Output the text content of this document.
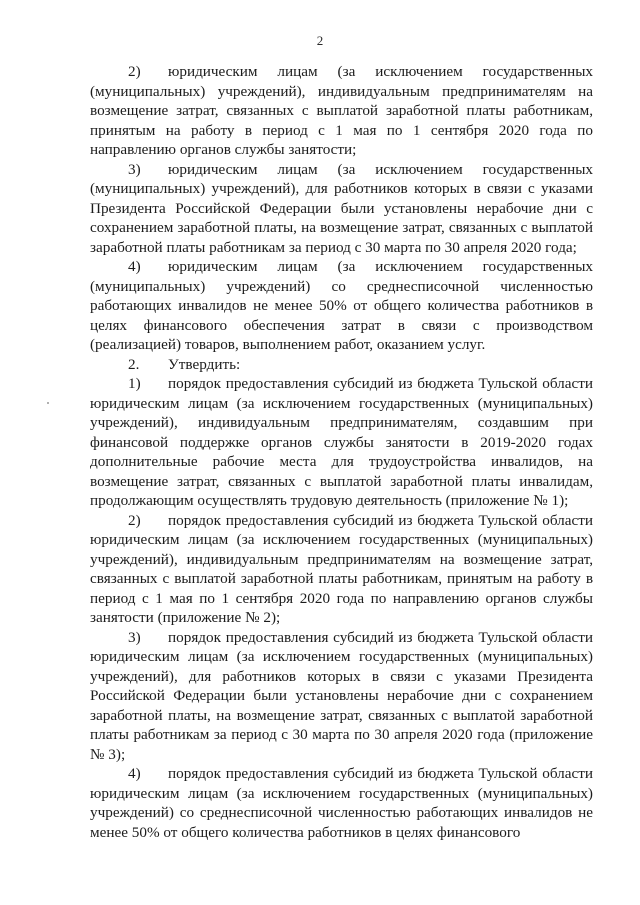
2

2) юридическим лицам (за исключением государственных (муниципальных) учреждений), индивидуальным предпринимателям на возмещение затрат, связанных с выплатой заработной платы работникам, принятым на работу в период с 1 мая по 1 сентября 2020 года по направлению органов службы занятости;

3) юридическим лицам (за исключением государственных (муниципальных) учреждений), для работников которых в связи с указами Президента Российской Федерации были установлены нерабочие дни с сохранением заработной платы, на возмещение затрат, связанных с выплатой заработной платы работникам за период с 30 марта по 30 апреля 2020 года;

4) юридическим лицам (за исключением государственных (муниципальных) учреждений) со среднесписочной численностью работающих инвалидов не менее 50% от общего количества работников в целях финансового обеспечения затрат в связи с производством (реализацией) товаров, выполнением работ, оказанием услуг.

2. Утвердить:

1) порядок предоставления субсидий из бюджета Тульской области юридическим лицам (за исключением государственных (муниципальных) учреждений), индивидуальным предпринимателям, создавшим при финансовой поддержке органов службы занятости в 2019-2020 годах дополнительные рабочие места для трудоустройства инвалидов, на возмещение затрат, связанных с выплатой заработной платы инвалидам, продолжающим осуществлять трудовую деятельность (приложение № 1);

2) порядок предоставления субсидий из бюджета Тульской области юридическим лицам (за исключением государственных (муниципальных) учреждений), индивидуальным предпринимателям на возмещение затрат, связанных с выплатой заработной платы работникам, принятым на работу в период с 1 мая по 1 сентября 2020 года по направлению органов службы занятости (приложение № 2);

3) порядок предоставления субсидий из бюджета Тульской области юридическим лицам (за исключением государственных (муниципальных) учреждений), для работников которых в связи с указами Президента Российской Федерации были установлены нерабочие дни с сохранением заработной платы, на возмещение затрат, связанных с выплатой заработной платы работникам за период с 30 марта по 30 апреля 2020 года (приложение № 3);

4) порядок предоставления субсидий из бюджета Тульской области юридическим лицам (за исключением государственных (муниципальных) учреждений) со среднесписочной численностью работающих инвалидов не менее 50% от общего количества работников в целях финансового
